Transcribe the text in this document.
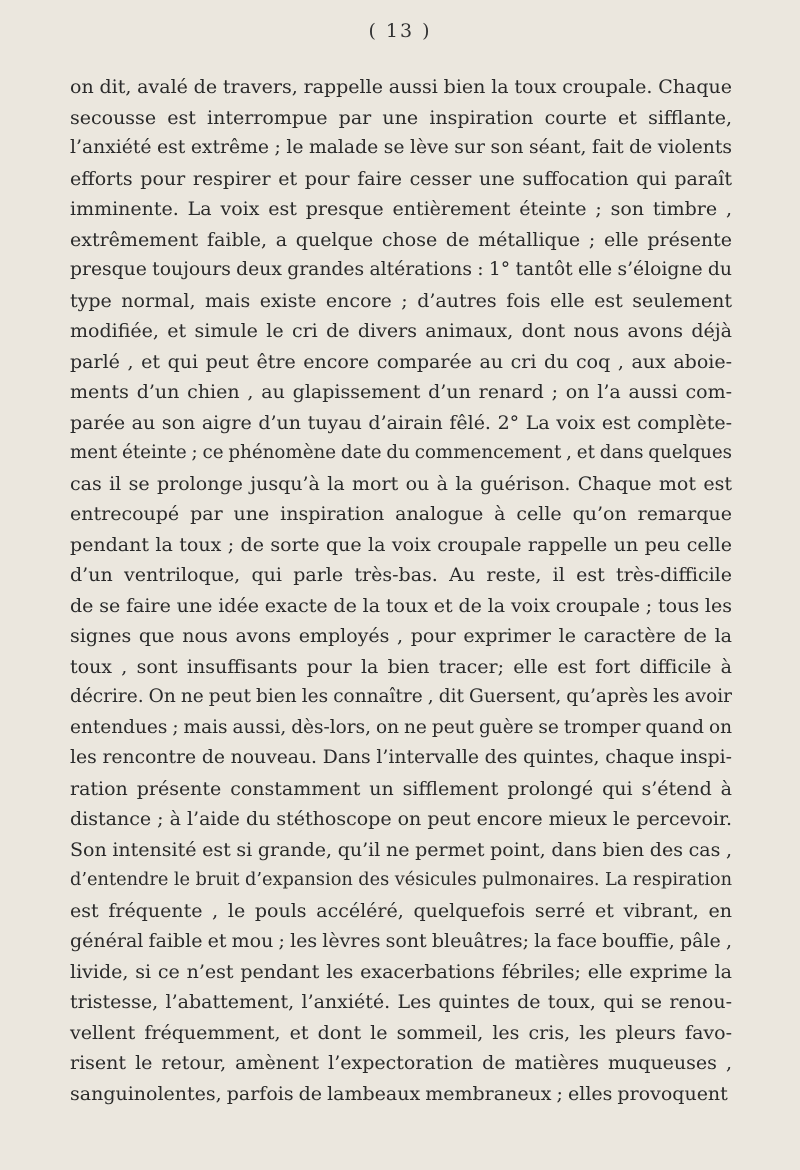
( 13 )
on dit, avalé de travers, rappelle aussi bien la toux croupale. Chaque
secousse est interrompue par une inspiration courte et sifflante,
l’anxiété est extrême ; le malade se lève sur son séant, fait de violents
efforts pour respirer et pour faire cesser une suffocation qui paraît
imminente. La voix est presque entièrement éteinte ; son timbre ,
extrêmement faible, a quelque chose de métallique ; elle présente
presque toujours deux grandes altérations : 1° tantôt elle s’éloigne du
type normal, mais existe encore ; d’autres fois elle est seulement
modifiée, et simule le cri de divers animaux, dont nous avons déjà
parlé , et qui peut être encore comparée au cri du coq , aux aboie-
ments d’un chien , au glapissement d’un renard ; on l’a aussi com-
parée au son aigre d’un tuyau d’airain fêlé. 2° La voix est complète-
ment éteinte ; ce phénomène date du commencement , et dans quelques
cas il se prolonge jusqu’à la mort ou à la guérison. Chaque mot est
entrecoupé par une inspiration analogue à celle qu’on remarque
pendant la toux ; de sorte que la voix croupale rappelle un peu celle
d’un ventriloque, qui parle très-bas. Au reste, il est très-difficile
de se faire une idée exacte de la toux et de la voix croupale ; tous les
signes que nous avons employés , pour exprimer le caractère de la
toux , sont insuffisants pour la bien tracer; elle est fort difficile à
décrire. On ne peut bien les connaître , dit Guersent, qu’après les avoir
entendues ; mais aussi, dès-lors, on ne peut guère se tromper quand on
les rencontre de nouveau. Dans l’intervalle des quintes, chaque inspi-
ration présente constamment un sifflement prolongé qui s’étend à
distance ; à l’aide du stéthoscope on peut encore mieux le percevoir.
Son intensité est si grande, qu’il ne permet point, dans bien des cas ,
d’entendre le bruit d’expansion des vésicules pulmonaires. La respiration
est fréquente , le pouls accéléré, quelquefois serré et vibrant, en
général faible et mou ; les lèvres sont bleuâtres; la face bouffie, pâle ,
livide, si ce n’est pendant les exacerbations fébriles; elle exprime la
tristesse, l’abattement, l’anxiété. Les quintes de toux, qui se renou-
vellent fréquemment, et dont le sommeil, les cris, les pleurs favo-
risent le retour, amènent l’expectoration de matières muqueuses ,
sanguinolentes, parfois de lambeaux membraneux ; elles provoquent
